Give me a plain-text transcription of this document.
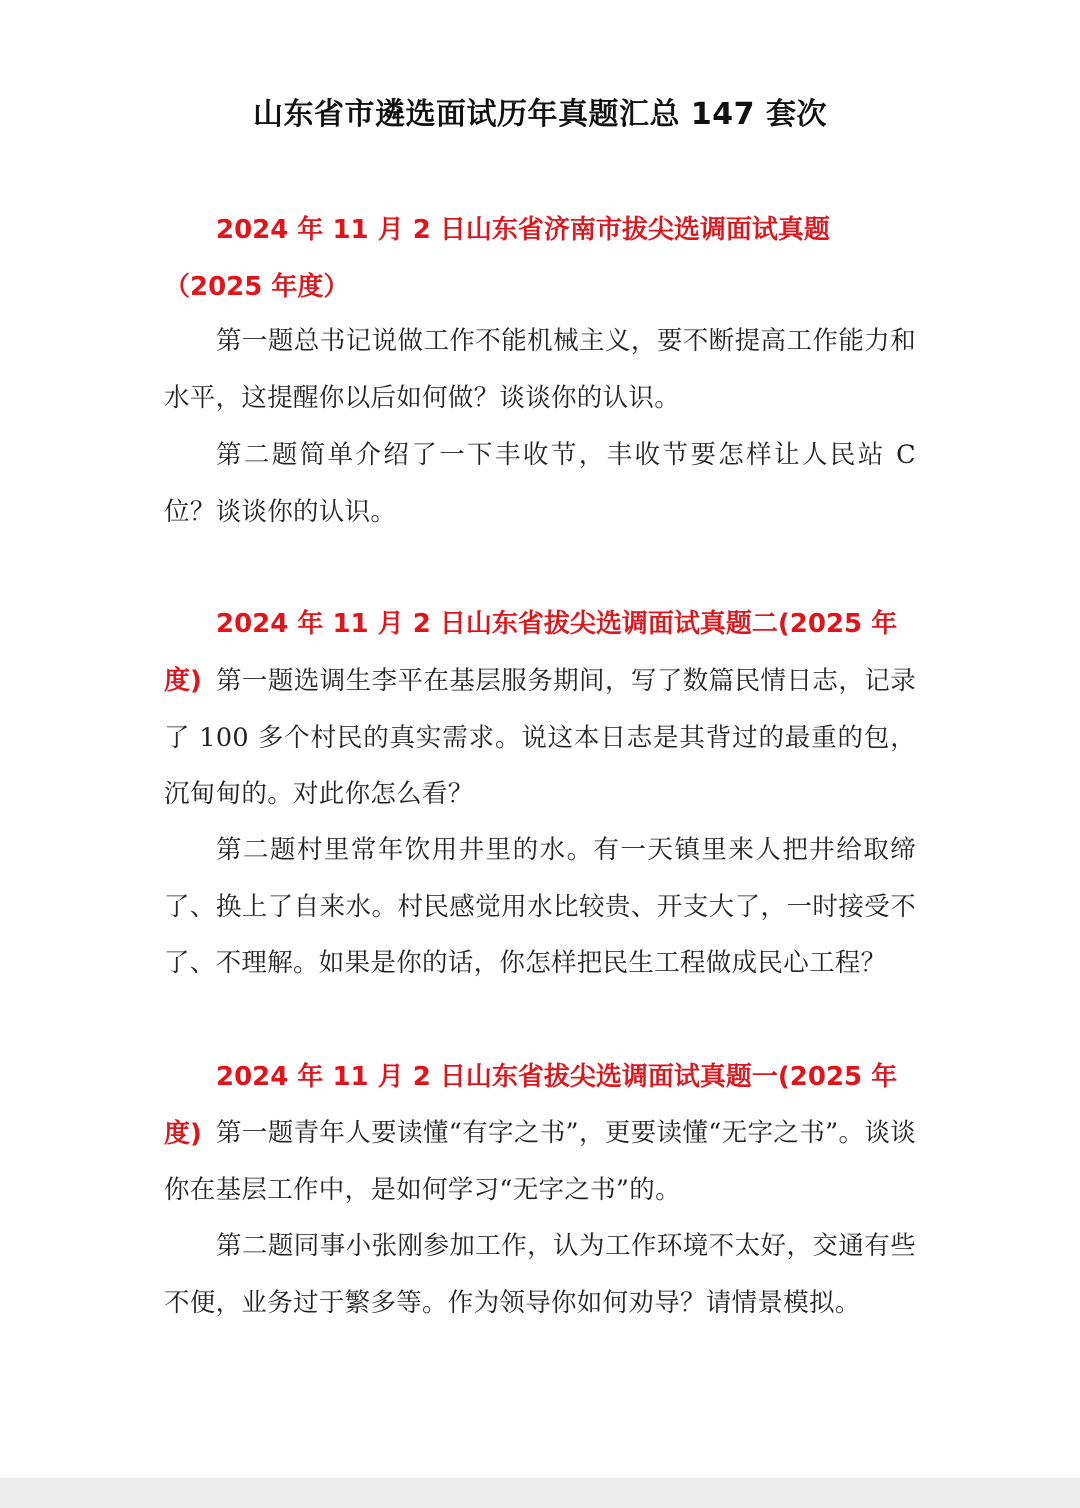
山东省市遴选面试历年真题汇总 147 套次

2024 年 11 月 2 日山东省济南市拔尖选调面试真题（2025 年度）

第一题总书记说做工作不能机械主义，要不断提高工作能力和水平，这提醒你以后如何做？谈谈你的认识。

第二题简单介绍了一下丰收节，丰收节要怎样让人民站 C 位？谈谈你的认识。

2024 年 11 月 2 日山东省拔尖选调面试真题二(2025 年度) 第一题选调生李平在基层服务期间，写了数篇民情日志，记录了 100 多个村民的真实需求。说这本日志是其背过的最重的包，沉甸甸的。对此你怎么看？

第二题村里常年饮用井里的水。有一天镇里来人把井给取缔了、换上了自来水。村民感觉用水比较贵、开支大了，一时接受不了、不理解。如果是你的话，你怎样把民生工程做成民心工程？

2024 年 11 月 2 日山东省拔尖选调面试真题一(2025 年度) 第一题青年人要读懂“有字之书”，更要读懂“无字之书”。谈谈你在基层工作中，是如何学习“无字之书”的。

第二题同事小张刚参加工作，认为工作环境不太好，交通有些不便，业务过于繁多等。作为领导你如何劝导？请情景模拟。
